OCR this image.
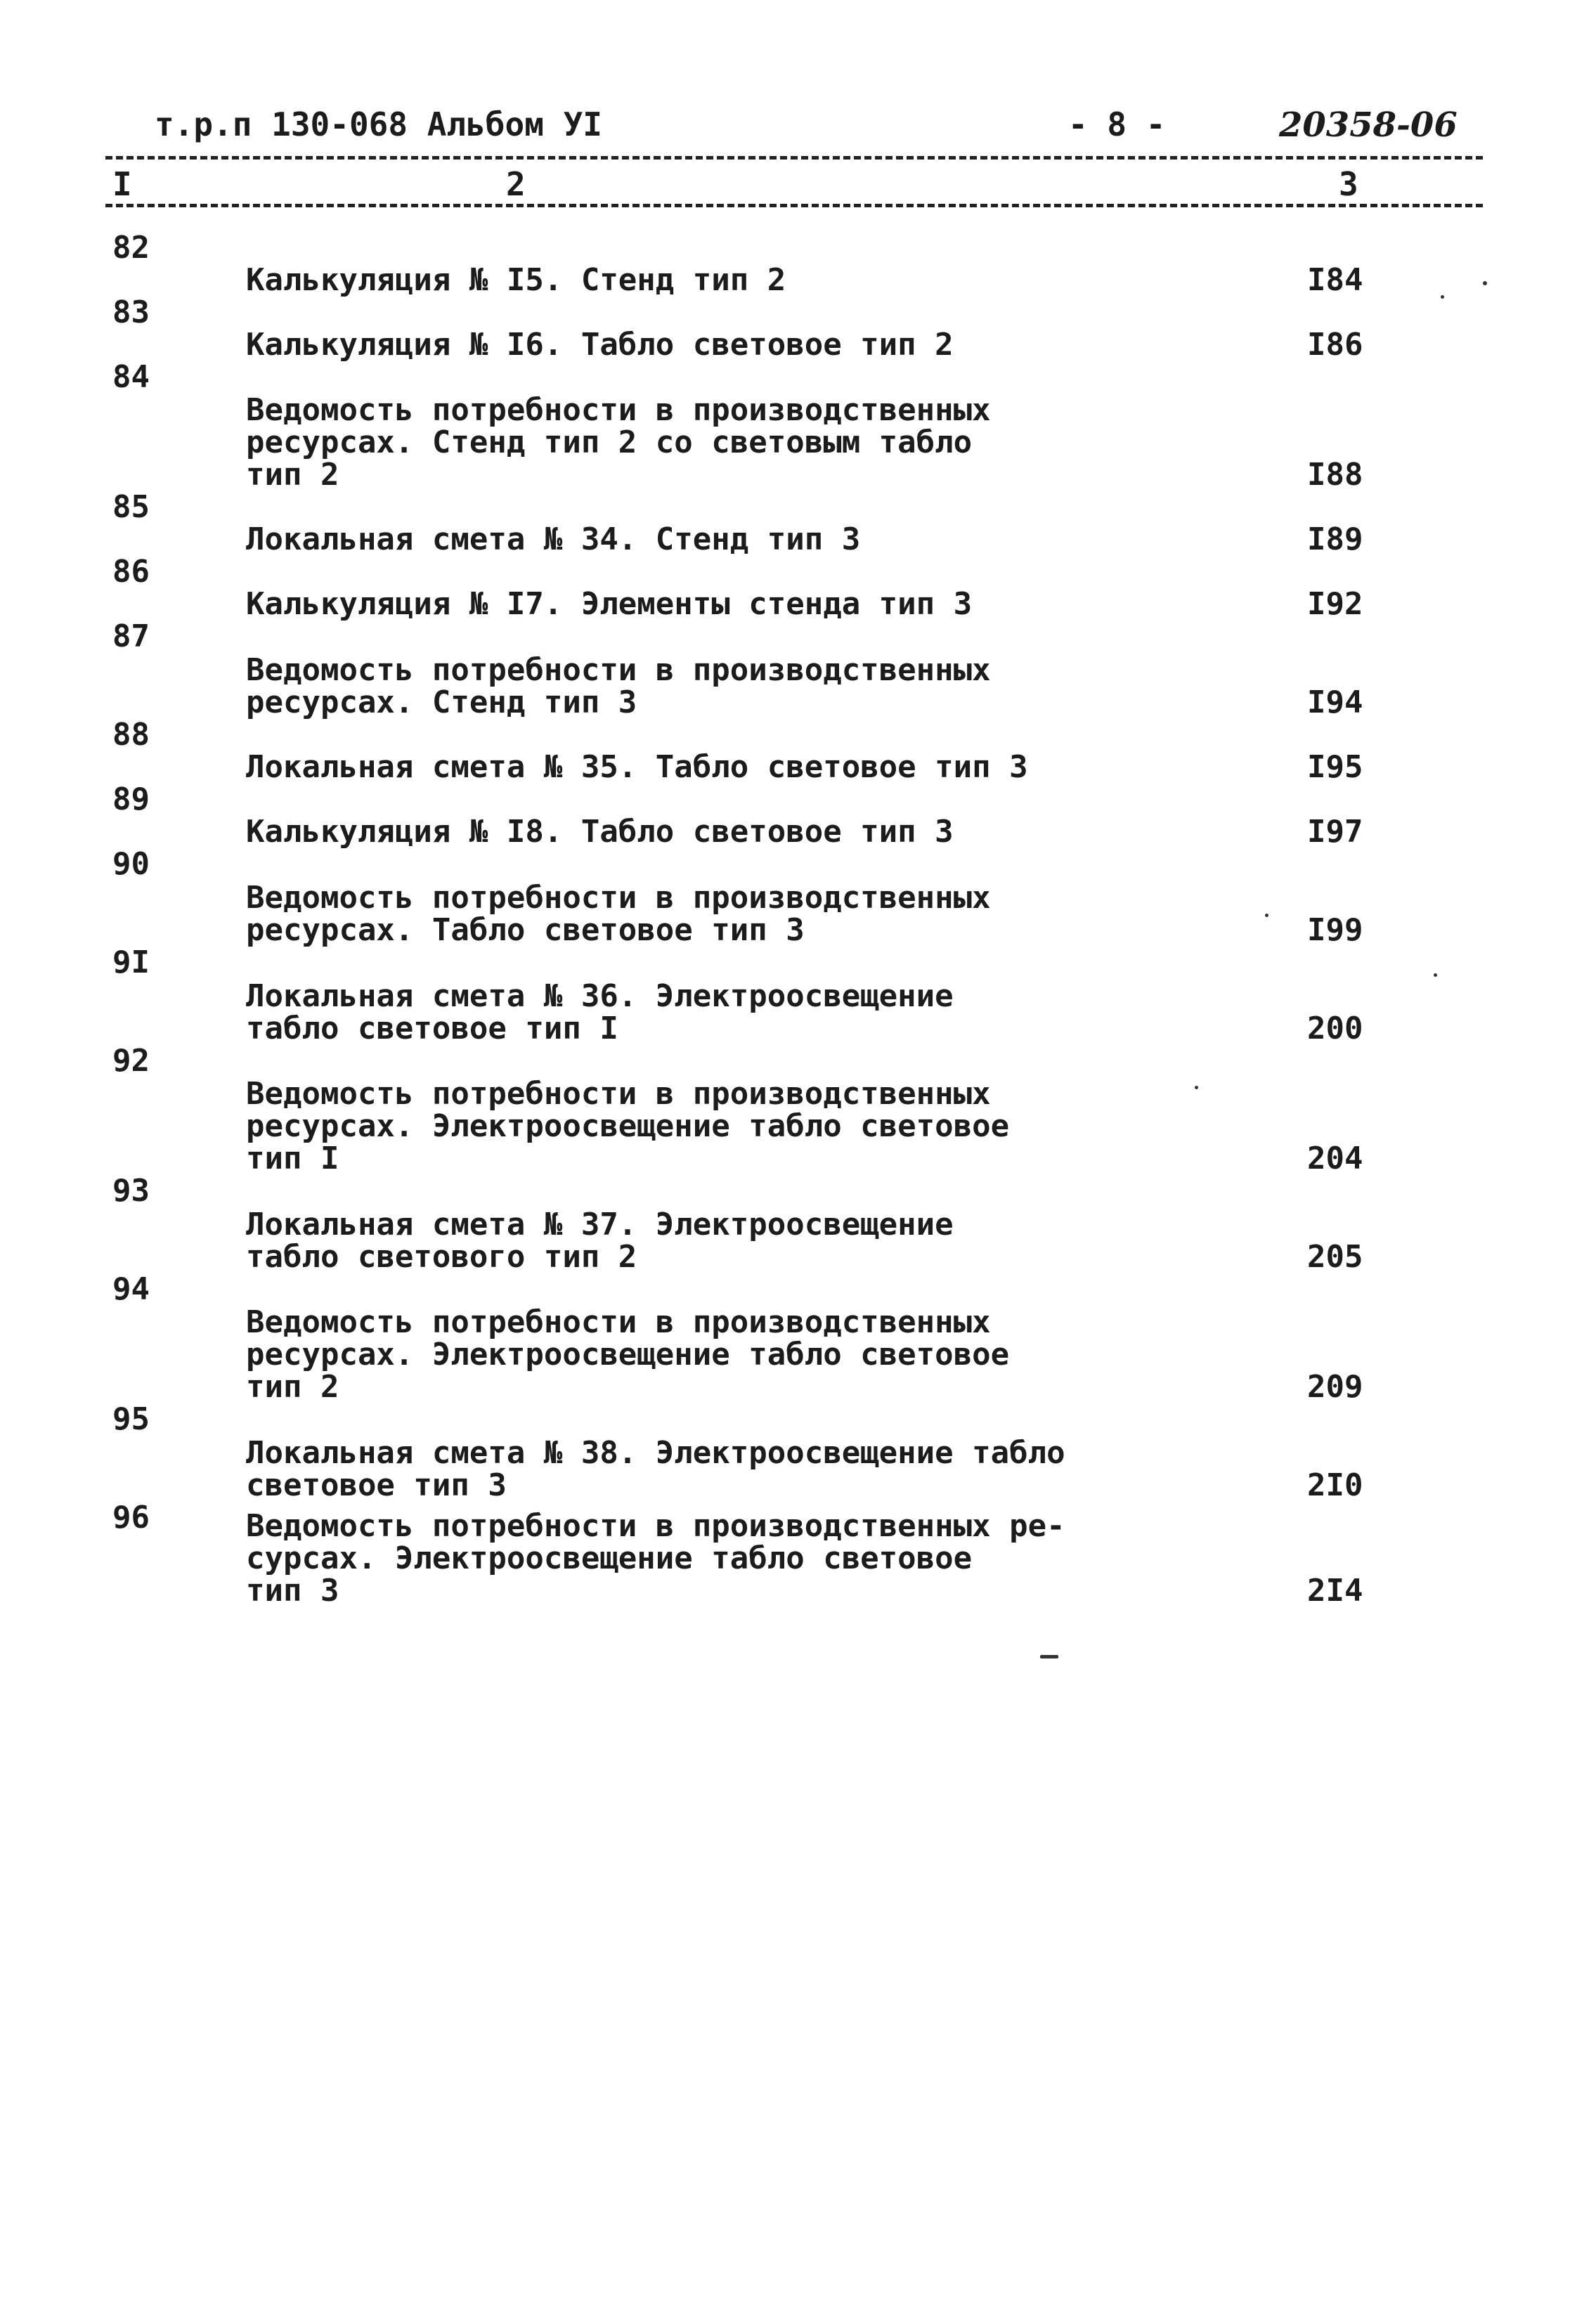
т.р.п 130-068 Альбом УI	- 8 -	20358-06
I	2	3
82
Калькуляция № I5. Стенд тип 2	I84
83
Калькуляция № I6. Табло световое тип 2	I86
84
Ведомость потребности в производственных
ресурсах. Стенд тип 2 со световым табло
тип 2	I88
85
Локальная смета № 34. Стенд тип 3	I89
86
Калькуляция № I7. Элементы стенда тип 3	I92
87
Ведомость потребности в производственных
ресурсах. Стенд тип 3	I94
88
Локальная смета № 35. Табло световое тип 3	I95
89
Калькуляция № I8. Табло световое тип 3	I97
90
Ведомость потребности в производственных
ресурсах. Табло световое тип 3	I99
9I
Локальная смета № 36. Электроосвещение
табло световое тип I	200
92
Ведомость потребности в производственных
ресурсах. Электроосвещение табло световое
тип I	204
93
Локальная смета № 37. Электроосвещение
табло светового тип 2	205
94
Ведомость потребности в производственных
ресурсах. Электроосвещение табло световое
тип 2	209
95
Локальная смета № 38. Электроосвещение табло
световое тип 3	2I0
96	Ведомость потребности в производственных ре-
сурсах. Электроосвещение табло световое
тип 3	2I4
